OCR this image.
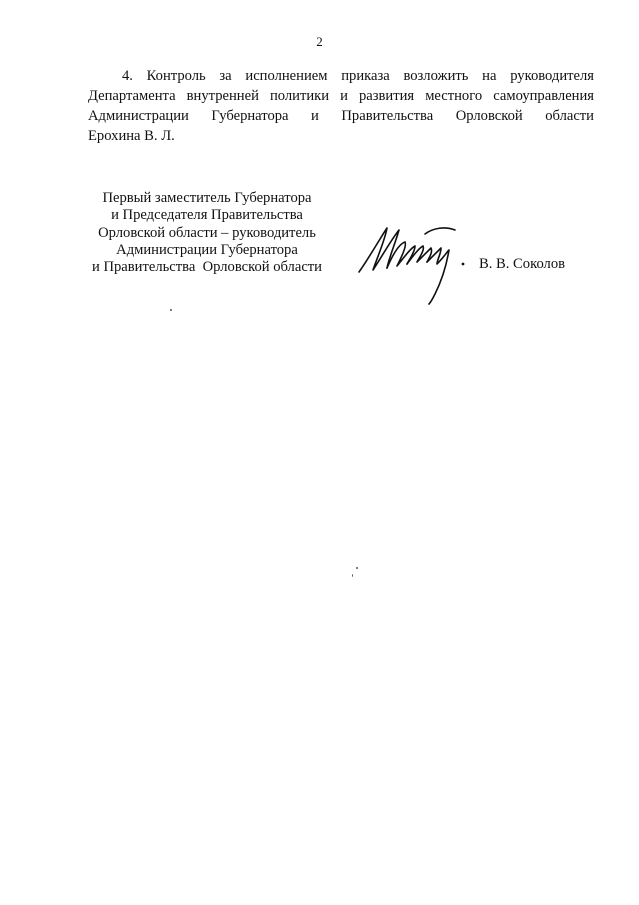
2
4. Контроль за исполнением приказа возложить на руководителя
Департамента внутренней политики и развития местного самоуправления
Администрации Губернатора и Правительства Орловской области
Ерохина В. Л.
Первый заместитель Губернатора
и Председателя Правительства
Орловской области – руководитель
Администрации Губернатора
и Правительства  Орловской области	В. В. Соколов
